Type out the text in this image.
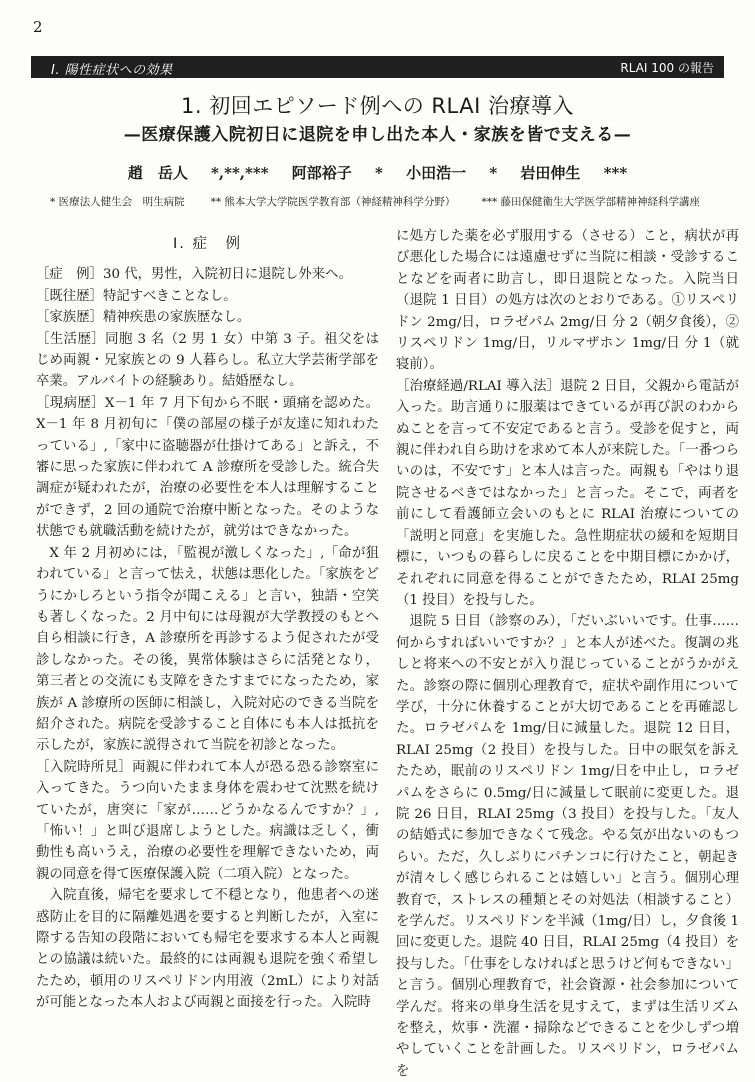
2
I. 陽性症状への効果	RLAI 100 の報告
1. 初回エピソード例への RLAI 治療導入
—医療保護入院初日に退院を申し出た本人・家族を皆で支える—
趙　岳人 *,**,*** 阿部裕子 * 小田浩一 * 岩田伸生 ***
* 医療法人健生会　明生病院 ** 熊本大学大学院医学教育部（神経精神科学分野） *** 藤田保健衛生大学医学部精神神経科学講座
I. 症　例

［症　例］30 代，男性，入院初日に退院し外来へ。

［既往歴］特記すべきことなし。

［家族歴］精神疾患の家族歴なし。

［生活歴］同胞 3 名（2 男 1 女）中第 3 子。祖父をはじめ両親・兄家族との 9 人暮らし。私立大学芸術学部を卒業。アルバイトの経験あり。結婚歴なし。

［現病歴］X－1 年 7 月下旬から不眠・頭痛を認めた。X－1 年 8 月初旬に「僕の部屋の様子が友達に知れわたっている」,「家中に盗聴器が仕掛けてある」と訴え，不審に思った家族に伴われて A 診療所を受診した。統合失調症が疑われたが，治療の必要性を本人は理解することができず，2 回の通院で治療中断となった。そのような状態でも就職活動を続けたが，就労はできなかった。

X 年 2 月初めには，「監視が激しくなった」,「命が狙われている」と言って怯え，状態は悪化した。「家族をどうにかしろという指令が聞こえる」と言い，独語・空笑も著しくなった。2 月中旬には母親が大学教授のもとへ自ら相談に行き，A 診療所を再診するよう促されたが受診しなかった。その後，異常体験はさらに活発となり，第三者との交流にも支障をきたすまでになったため，家族が A 診療所の医師に相談し，入院対応のできる当院を紹介された。病院を受診すること自体にも本人は抵抗を示したが，家族に説得されて当院を初診となった。

［入院時所見］両親に伴われて本人が恐る恐る診察室に入ってきた。うつ向いたまま身体を震わせて沈黙を続けていたが，唐突に「家が……どうかなるんですか？」,「怖い！」と叫び退席しようとした。病識は乏しく，衝動性も高いうえ，治療の必要性を理解できないため，両親の同意を得て医療保護入院（二項入院）となった。

入院直後，帰宅を要求して不穏となり，他患者への迷惑防止を目的に隔離処遇を要すると判断したが，入室に際する告知の段階においても帰宅を要求する本人と両親との協議は続いた。最終的には両親も退院を強く希望したため，頓用のリスペリドン内用液（2mL）により対話が可能となった本人および両親と面接を行った。入院時

に処方した薬を必ず服用する（させる）こと，病状が再び悪化した場合には遠慮せずに当院に相談・受診することなどを両者に助言し，即日退院となった。入院当日（退院 1 日目）の処方は次のとおりである。①リスペリドン 2mg/日，ロラゼパム 2mg/日 分 2（朝夕食後），②リスペリドン 1mg/日，リルマザホン 1mg/日 分 1（就寝前）。

［治療経過/RLAI 導入法］退院 2 日目，父親から電話が入った。助言通りに服薬はできているが再び訳のわからぬことを言って不安定であると言う。受診を促すと，両親に伴われ自ら助けを求めて本人が来院した。「一番つらいのは，不安です」と本人は言った。両親も「やはり退院させるべきではなかった」と言った。そこで，両者を前にして看護師立会いのもとに RLAI 治療についての「説明と同意」を実施した。急性期症状の緩和を短期目標に，いつもの暮らしに戻ることを中期目標にかかげ，それぞれに同意を得ることができたため，RLAI 25mg（1 投目）を投与した。

退院 5 日目（診察のみ），「だいぶいいです。仕事……何からすればいいですか？」と本人が述べた。復調の兆しと将来への不安とが入り混じっていることがうかがえた。診察の際に個別心理教育で，症状や副作用について学び，十分に休養することが大切であることを再確認した。ロラゼパムを 1mg/日に減量した。退院 12 日目，RLAI 25mg（2 投目）を投与した。日中の眠気を訴えたため，眠前のリスペリドン 1mg/日を中止し，ロラゼパムをさらに 0.5mg/日に減量して眠前に変更した。退院 26 日目，RLAI 25mg（3 投目）を投与した。「友人の結婚式に参加できなくて残念。やる気が出ないのもつらい。ただ，久しぶりにパチンコに行けたこと，朝起きが清々しく感じられることは嬉しい」と言う。個別心理教育で，ストレスの種類とその対処法（相談すること）を学んだ。リスペリドンを半減（1mg/日）し，夕食後 1 回に変更した。退院 40 日目，RLAI 25mg（4 投目）を投与した。「仕事をしなければと思うけど何もできない」と言う。個別心理教育で，社会資源・社会参加について学んだ。将来の単身生活を見すえて，まずは生活リズムを整え，炊事・洗濯・掃除などできることを少しずつ増やしていくことを計画した。リスペリドン，ロラゼパムを
